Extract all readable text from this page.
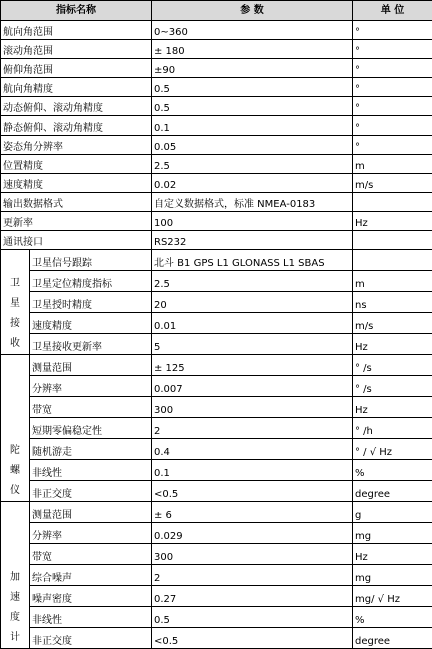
指标名称		参 数	单 位
航向角范围		0~360	°
滚动角范围		± 180	°
俯仰角范围		±90	°
航向角精度		0.5	°
动态俯仰、滚动角精度		0.5	°
静态俯仰、滚动角精度		0.1	°
姿态角分辨率		0.05	°
位置精度		2.5	m
速度精度		0.02	m/s
输出数据格式		自定义数据格式，标准 NMEA-0183	
更新率		100	Hz
通讯接口		RS232	

卫
星
接
收	卫星信号跟踪	北斗 B1 GPS L1 GLONASS L1 SBAS	
	卫星定位精度指标	2.5	m
	卫星授时精度	20	ns
	速度精度	0.01	m/s
	卫星接收更新率	5	Hz

陀
螺
仪	测量范围	± 125	° /s
	分辨率	0.007	° /s
	带宽	300	Hz
	短期零偏稳定性	2	° /h
	随机游走	0.4	° / √ Hz
	非线性	0.1	%
	非正交度	<0.5	degree

加
速
度
计	测量范围	± 6	g
	分辨率	0.029	mg
	带宽	300	Hz
	综合噪声	2	mg
	噪声密度	0.27	mg/ √ Hz
	非线性	0.5	%
	非正交度	<0.5	degree
